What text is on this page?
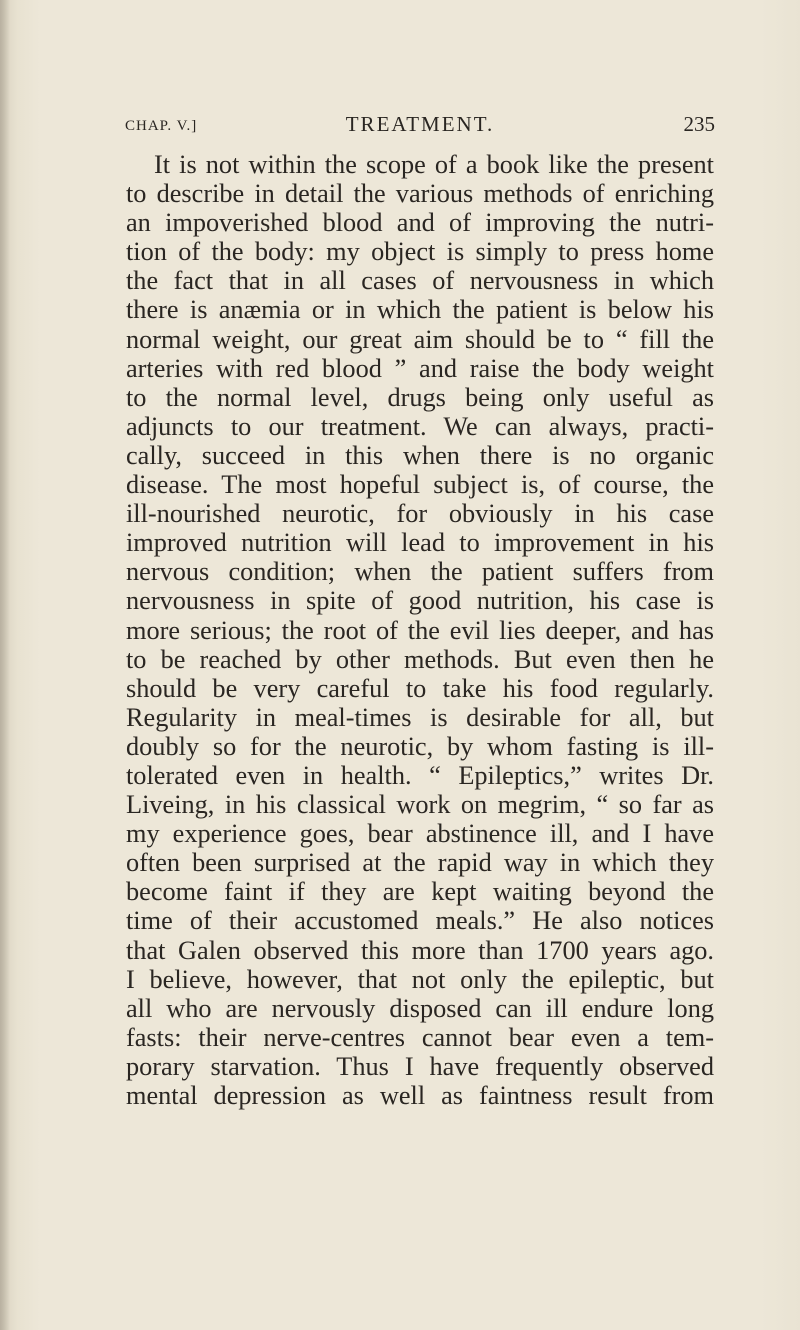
CHAP. V.]	TREATMENT.	235
It is not within the scope of a book like the present
to describe in detail the various methods of enriching
an impoverished blood and of improving the nutri-
tion of the body: my object is simply to press home
the fact that in all cases of nervousness in which
there is anæmia or in which the patient is below his
normal weight, our great aim should be to “ fill the
arteries with red blood ” and raise the body weight
to the normal level, drugs being only useful as
adjuncts to our treatment. We can always, practi-
cally, succeed in this when there is no organic
disease. The most hopeful subject is, of course, the
ill-nourished neurotic, for obviously in his case
improved nutrition will lead to improvement in his
nervous condition; when the patient suffers from
nervousness in spite of good nutrition, his case is
more serious; the root of the evil lies deeper, and has
to be reached by other methods. But even then he
should be very careful to take his food regularly.
Regularity in meal-times is desirable for all, but
doubly so for the neurotic, by whom fasting is ill-
tolerated even in health. “ Epileptics,” writes Dr.
Liveing, in his classical work on megrim, “ so far as
my experience goes, bear abstinence ill, and I have
often been surprised at the rapid way in which they
become faint if they are kept waiting beyond the
time of their accustomed meals.” He also notices
that Galen observed this more than 1700 years ago.
I believe, however, that not only the epileptic, but
all who are nervously disposed can ill endure long
fasts: their nerve-centres cannot bear even a tem-
porary starvation. Thus I have frequently observed
mental depression as well as faintness result from
